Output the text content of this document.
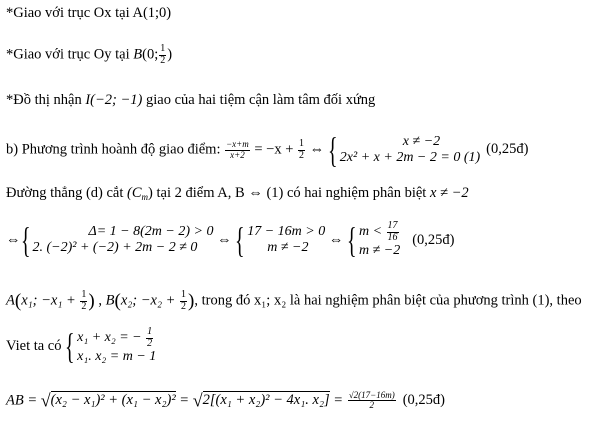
*Giao với trục Ox tại A(1;0)
*Giao với trục Oy tại B(0; $\frac{1}{2}$ )
*Đồ thị nhận I(−2; −1) giao của hai tiệm cận làm tâm đối xứng
b) Phương trình hoành độ giao điểm: $\frac{-x+m}{x+2} = -x + \frac{1}{2}$ ⇔ {	x ≠ −2
2x² + x + 2m − 2 = 0 (1)
(0,25đ)
Đường thẳng (d) cắt $(C_m)$ tại 2 điểm A, B ⇔ (1) có hai nghiệm phân biệt x ≠ −2
⇔{	Δ= 1 − 8(2m − 2) > 0
2. (−2)² + (−2) + 2m − 2 ≠ 0	⇔ { 17 − 16m > 0
m ≠ −2	⇔ { $m < \frac{17}{16}$
m ≠ −2
(0,25đ)
A(x₁; $-x_1 + \frac{1}{2}$ ) , B(x₂; $-x_2 + \frac{1}{2}$ ), trong đó x₁; x₂ là hai nghiệm phân biệt của phương trình (1), theo
Viet ta có { x₁ + x₂ = − $\frac{1}{2}$
x₁. x₂ = m − 1
AB = √(x₂ − x₁)² + (x₁ − x₂)² = √2[(x₁ + x₂)² − 4x₁. $x_2] = \frac{√2(17-16m)}{2}$ (0,25đ)
